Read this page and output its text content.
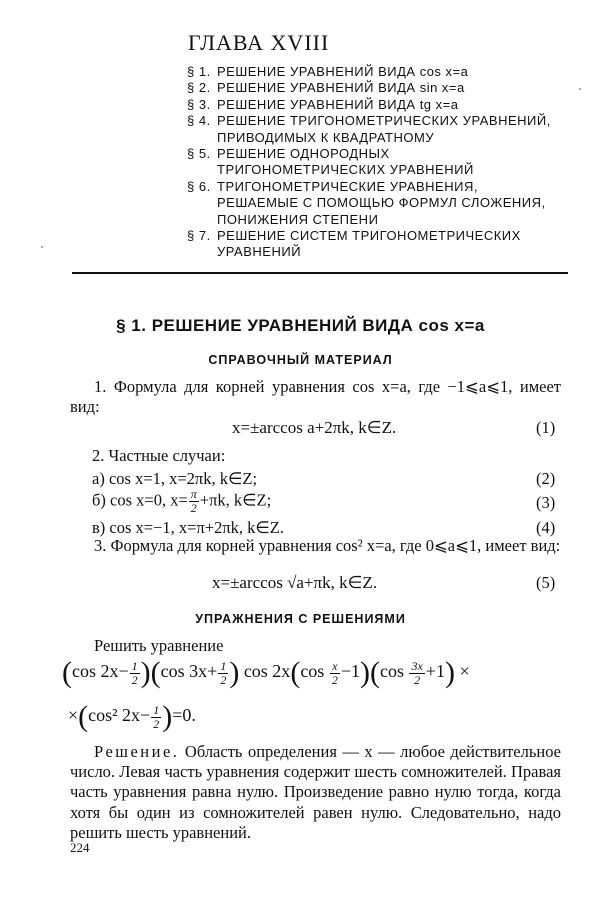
ГЛАВА XVIII
§ 1. РЕШЕНИЕ УРАВНЕНИЙ ВИДА cos x=a
§ 2. РЕШЕНИЕ УРАВНЕНИЙ ВИДА sin x=a
§ 3. РЕШЕНИЕ УРАВНЕНИЙ ВИДА tg x=a
§ 4. РЕШЕНИЕ ТРИГОНОМЕТРИЧЕСКИХ УРАВНЕНИЙ,
ПРИВОДИМЫХ К КВАДРАТНОМУ
§ 5. РЕШЕНИЕ ОДНОРОДНЫХ
ТРИГОНОМЕТРИЧЕСКИХ УРАВНЕНИЙ
§ 6. ТРИГОНОМЕТРИЧЕСКИЕ УРАВНЕНИЯ,
РЕШАЕМЫЕ С ПОМОЩЬЮ ФОРМУЛ СЛОЖЕНИЯ,
ПОНИЖЕНИЯ СТЕПЕНИ
§ 7. РЕШЕНИЕ СИСТЕМ ТРИГОНОМЕТРИЧЕСКИХ
УРАВНЕНИЙ
§ 1. РЕШЕНИЕ УРАВНЕНИЙ ВИДА cos x=a
СПРАВОЧНЫЙ МАТЕРИАЛ
1. Формула для корней уравнения cos x=a, где −1⩽a⩽1, имеет вид:
x=±arccos a+2πk, k∈Z.	(1)
2. Частные случаи:
а) cos x=1, x=2πk, k∈Z;	(2)
б) cos x=0, $x= \frac{\pi}{2} +\pi k$, k∈Z;	(3)
в) cos x=−1, x=π+2πk, k∈Z.	(4)
3. Формула для корней уравнения cos² x=a, где 0⩽a⩽1, имеет вид:
x=±arccos √a+πk, k∈Z.	(5)
УПРАЖНЕНИЯ С РЕШЕНИЯМИ
Решить уравнение
(cos $2x- \frac{1}{2} )(\cos$ $3x+ \frac{1}{2}$ ) $\cos 2x(\cos \frac{x}{2} -1)(\cos \frac{3x}{2} +1)$ ×
×(cos² $2x- \frac{1}{2} )=0$.
Решение. Область определения — x — любое действительное число. Левая часть уравнения содержит шесть сомножителей. Правая часть уравнения равна нулю. Произведение равно нулю тогда, когда хотя бы один из сомножителей равен нулю. Следовательно, надо решить шесть уравнений.
224
